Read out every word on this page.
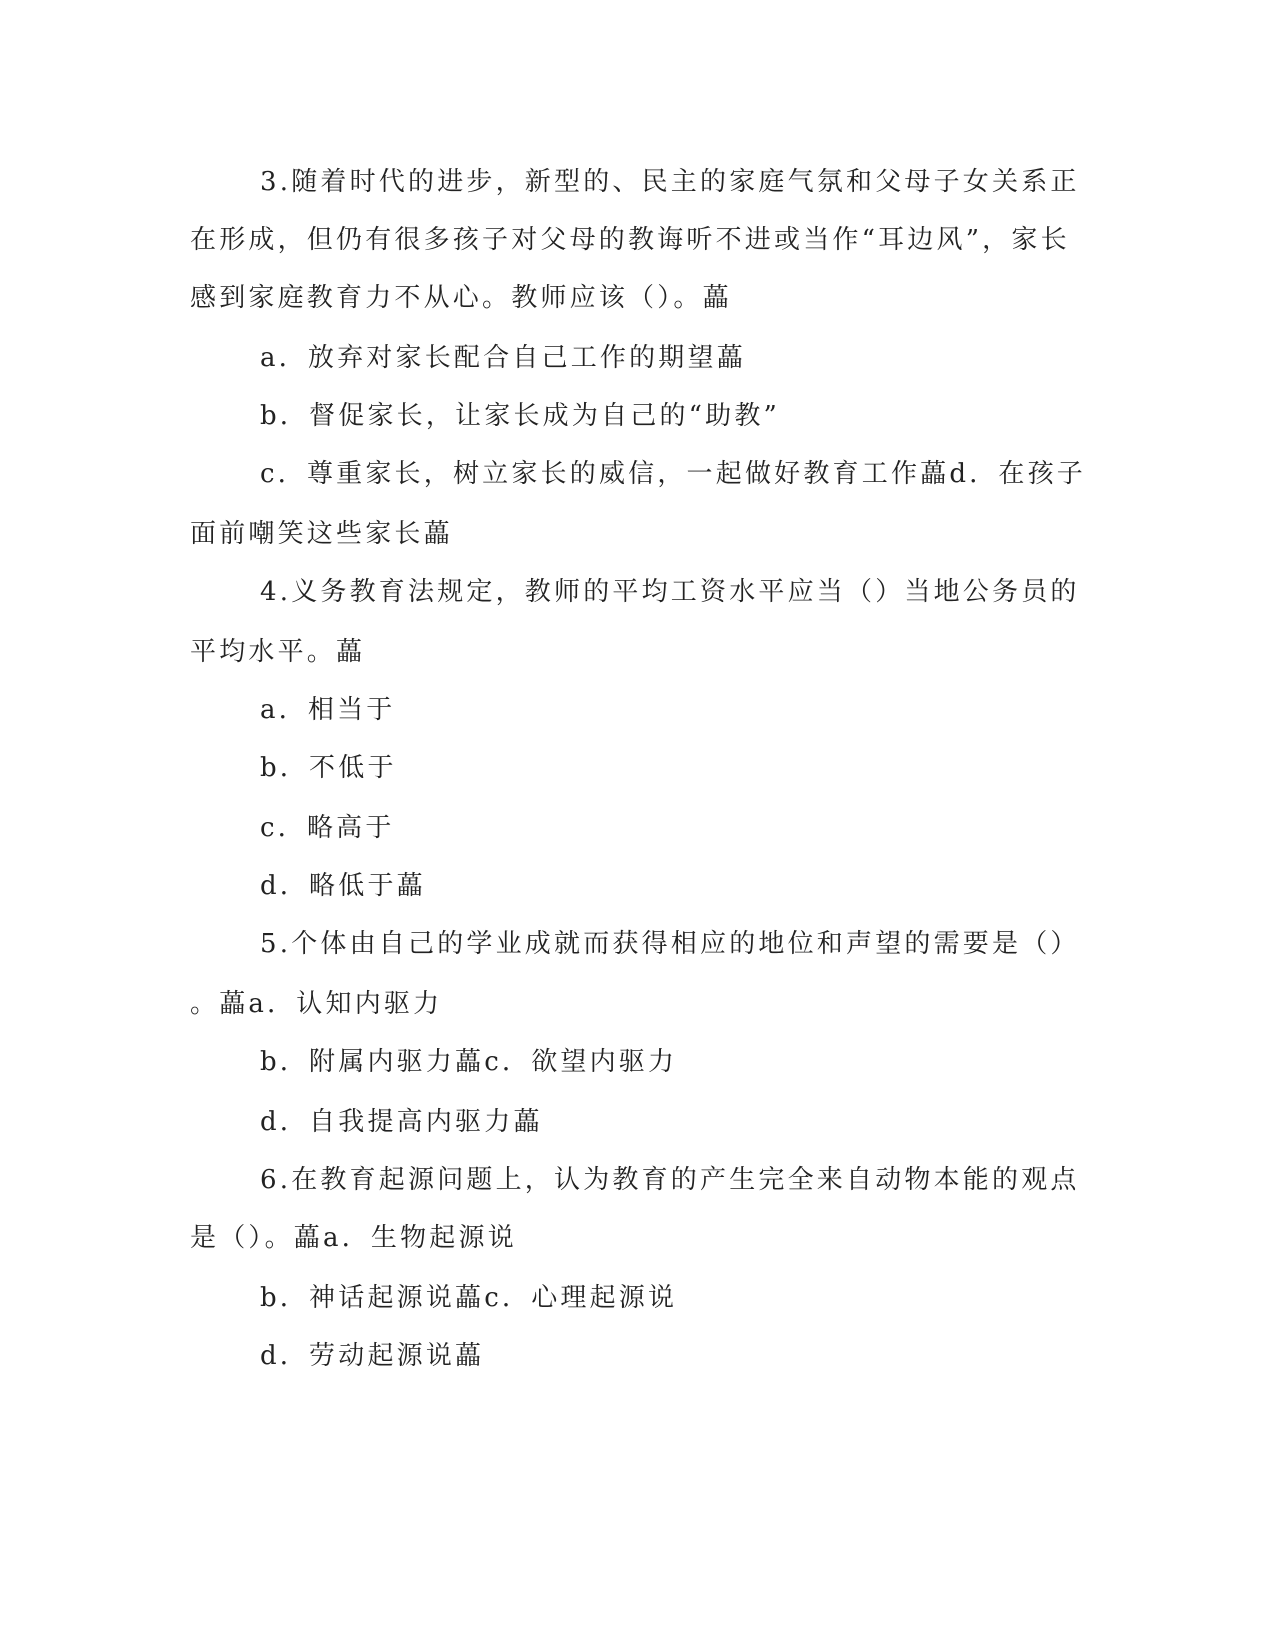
3.随着时代的进步，新型的、民主的家庭气氛和父母子女关系正
在形成，但仍有很多孩子对父母的教诲听不进或当作“耳边风”，家长
感到家庭教育力不从心。教师应该（）。藟
a．放弃对家长配合自己工作的期望藟
b．督促家长，让家长成为自己的“助教”
c．尊重家长，树立家长的威信，一起做好教育工作藟d．在孩子
面前嘲笑这些家长藟
4.义务教育法规定，教师的平均工资水平应当（）当地公务员的
平均水平。藟
a．相当于
b．不低于
c．略高于
d．略低于藟
5.个体由自己的学业成就而获得相应的地位和声望的需要是（）
。藟a．认知内驱力
b．附属内驱力藟c．欲望内驱力
d．自我提高内驱力藟
6.在教育起源问题上，认为教育的产生完全来自动物本能的观点
是（）。藟a．生物起源说
b．神话起源说藟c．心理起源说
d．劳动起源说藟
